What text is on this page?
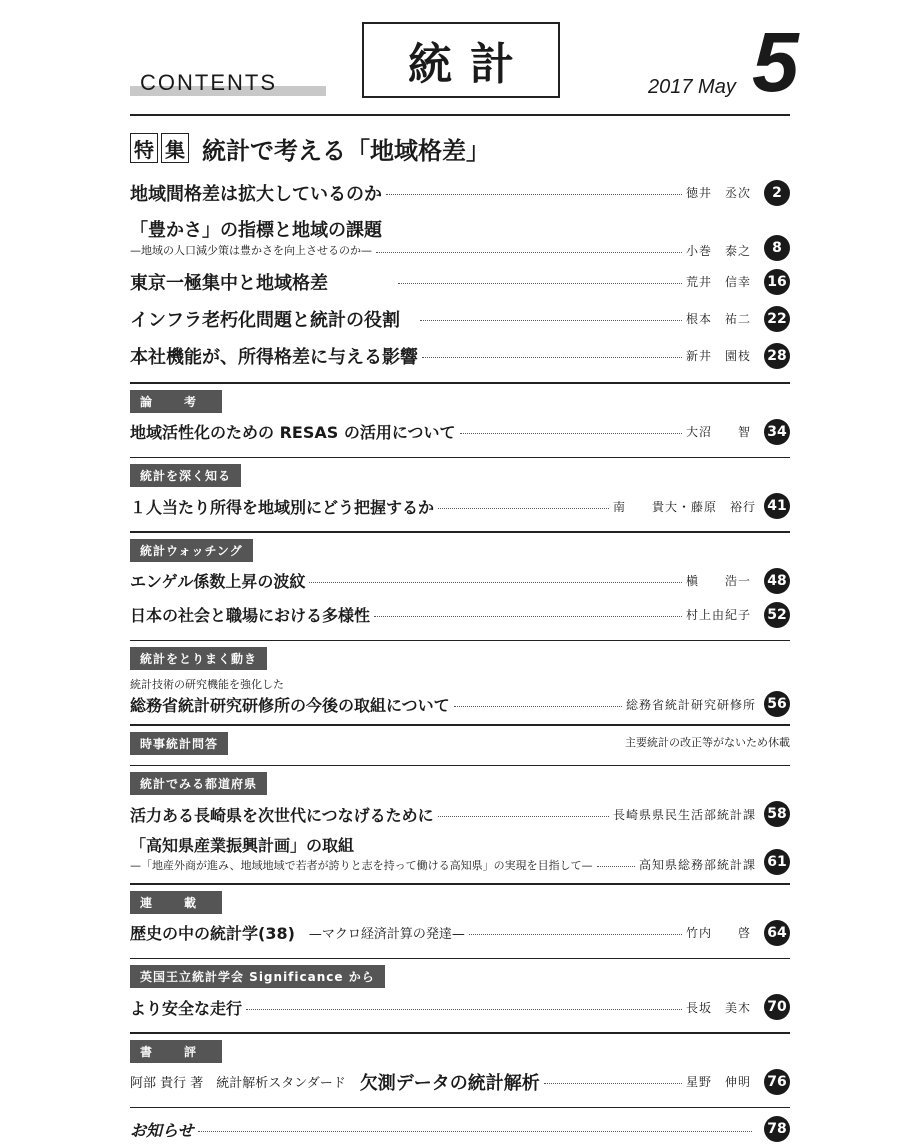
CONTENTS	統計	2017 May 5
特 集 統計で考える「地域格差」
地域間格差は拡大しているのか	徳井　丞次	2
「豊かさ」の指標と地域の課題
—地域の人口減少策は豊かさを向上させるのか—	小巻　泰之	8
東京一極集中と地域格差	荒井　信幸	16
インフラ老朽化問題と統計の役割	根本　祐二	22
本社機能が、所得格差に与える影響	新井　園枝	28
論　考
地域活性化のための RESAS の活用について	大沼　　智	34
統計を深く知る
１人当たり所得を地域別にどう把握するか	南　　貴大・藤原　裕行 41
統計ウォッチング
エンゲル係数上昇の波紋	槇　　浩一	48
日本の社会と職場における多様性	村上由紀子	52
統計をとりまく動き
統計技術の研究機能を強化した
総務省統計研究研修所の今後の取組について	総務省統計研究研修所 56
時事統計問答	主要統計の改正等がないため休載
統計でみる都道府県
活力ある長崎県を次世代につなげるために	長崎県県民生活部統計課 58
「高知県産業振興計画」の取組
—「地産外商が進み、地域地域で若者が誇りと志を持って働ける高知県」の実現を目指して—	高知県総務部統計課 61
連　載
歴史の中の統計学(38) —マクロ経済計算の発達—	竹内　　啓	64
英国王立統計学会 Significance から
より安全な走行	長坂　美木	70
書　評
阿部 貴行 著　統計解析スタンダード 欠測データの統計解析	星野　伸明	76
お知らせ	78
